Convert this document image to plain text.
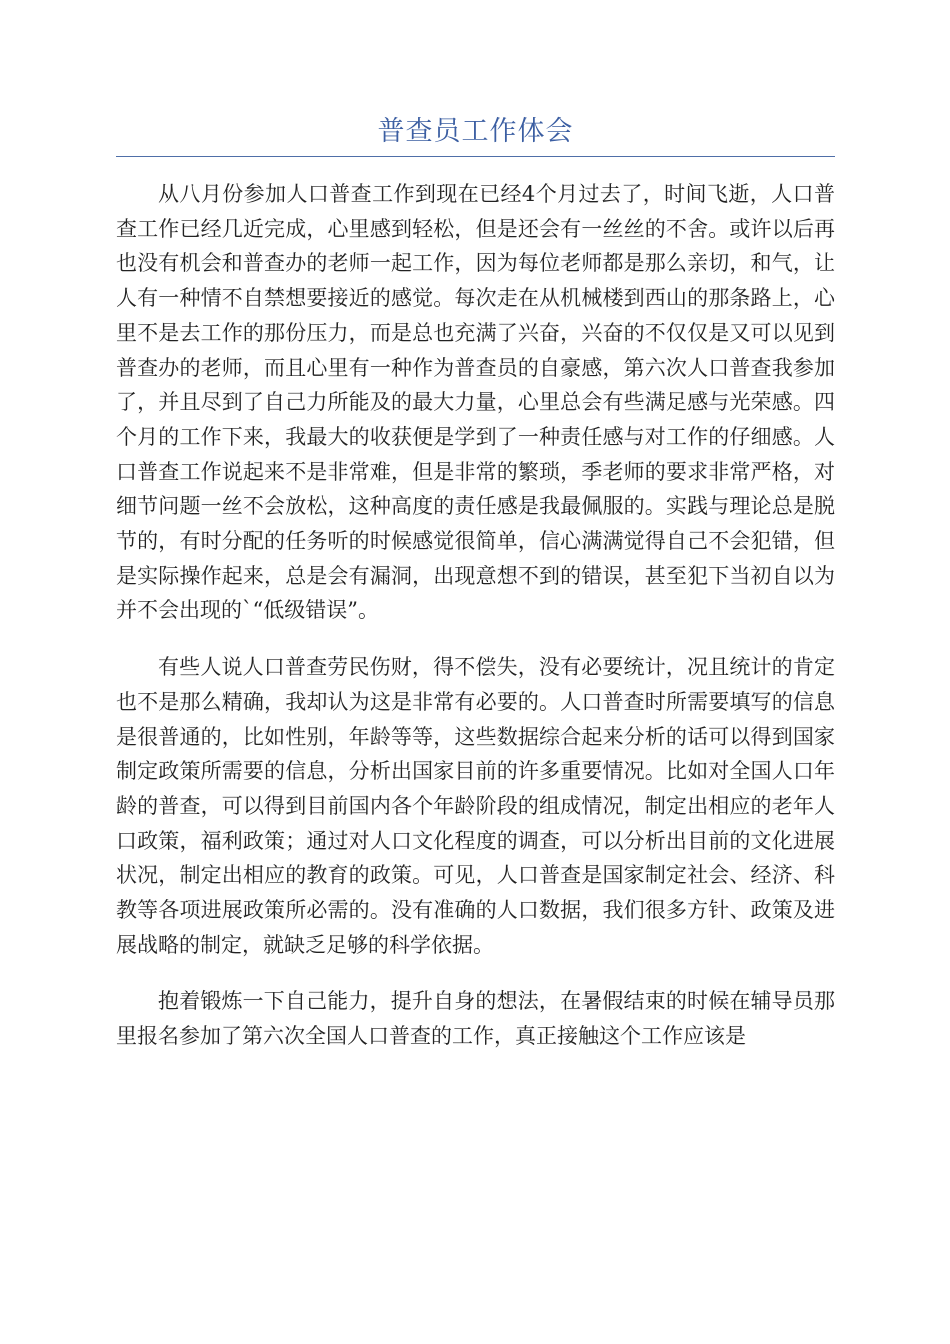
普查员工作体会

从八月份参加人口普查工作到现在已经4个月过去了，时间飞逝，人口普查工作已经几近完成，心里感到轻松，但是还会有一丝丝的不舍。或许以后再也没有机会和普查办的老师一起工作，因为每位老师都是那么亲切，和气，让人有一种情不自禁想要接近的感觉。每次走在从机械楼到西山的那条路上，心里不是去工作的那份压力，而是总也充满了兴奋，兴奋的不仅仅是又可以见到普查办的老师，而且心里有一种作为普查员的自豪感，第六次人口普查我参加了，并且尽到了自己力所能及的最大力量，心里总会有些满足感与光荣感。四个月的工作下来，我最大的收获便是学到了一种责任感与对工作的仔细感。人口普查工作说起来不是非常难，但是非常的繁琐，季老师的要求非常严格，对细节问题一丝不会放松，这种高度的责任感是我最佩服的。实践与理论总是脱节的，有时分配的任务听的时候感觉很简单，信心满满觉得自己不会犯错，但是实际操作起来，总是会有漏洞，出现意想不到的错误，甚至犯下当初自以为并不会出现的`“低级错误”。

有些人说人口普查劳民伤财，得不偿失，没有必要统计，况且统计的肯定也不是那么精确，我却认为这是非常有必要的。人口普查时所需要填写的信息是很普通的，比如性别，年龄等等，这些数据综合起来分析的话可以得到国家制定政策所需要的信息，分析出国家目前的许多重要情况。比如对全国人口年龄的普查，可以得到目前国内各个年龄阶段的组成情况，制定出相应的老年人口政策，福利政策；通过对人口文化程度的调查，可以分析出目前的文化进展状况，制定出相应的教育的政策。可见，人口普查是国家制定社会、经济、科教等各项进展政策所必需的。没有准确的人口数据，我们很多方针、政策及进展战略的制定，就缺乏足够的科学依据。

抱着锻炼一下自己能力，提升自身的想法，在暑假结束的时候在辅导员那里报名参加了第六次全国人口普查的工作，真正接触这个工作应该是
